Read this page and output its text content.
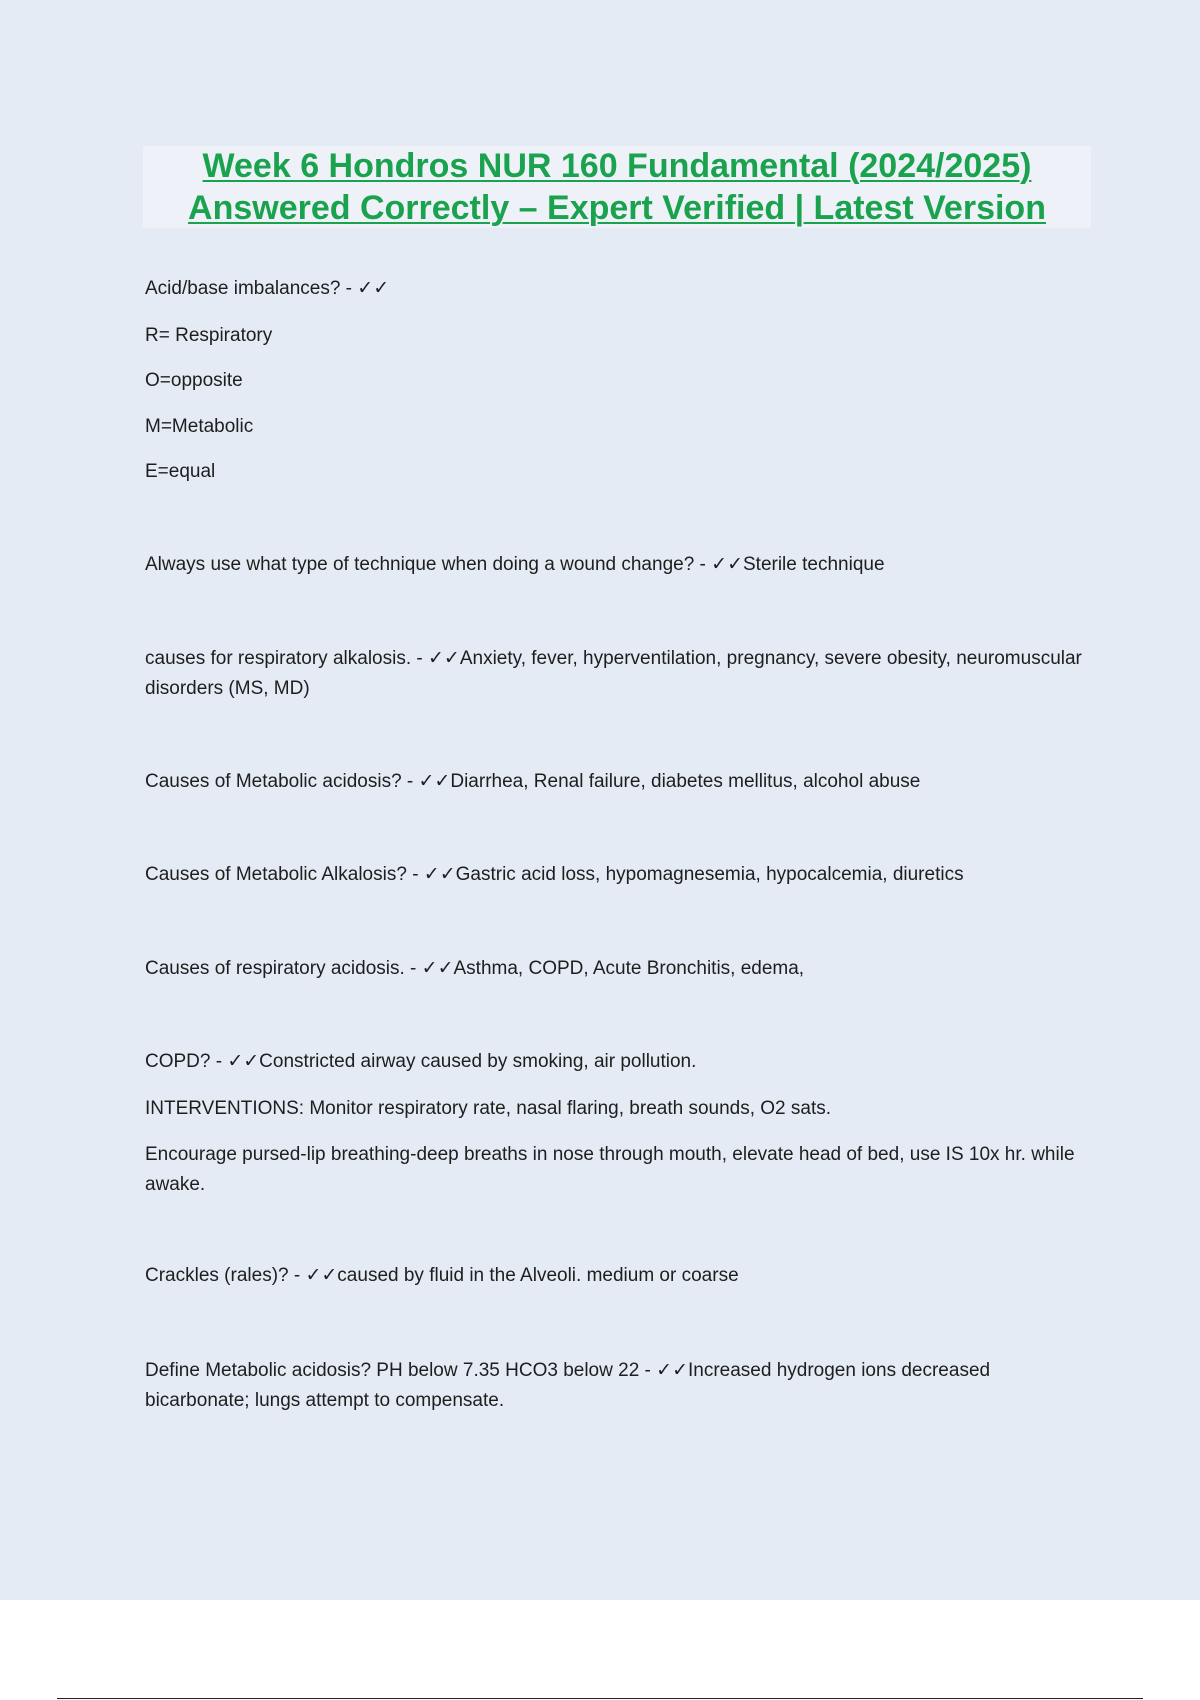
Week 6 Hondros NUR 160 Fundamental (2024/2025)
Answered Correctly – Expert Verified | Latest Version
Acid/base imbalances? - ✓✓
R= Respiratory
O=opposite
M=Metabolic
E=equal
Always use what type of technique when doing a wound change? - ✓✓Sterile technique
causes for respiratory alkalosis. - ✓✓Anxiety, fever, hyperventilation, pregnancy, severe obesity, neuromuscular disorders (MS, MD)
Causes of Metabolic acidosis? - ✓✓Diarrhea, Renal failure, diabetes mellitus, alcohol abuse
Causes of Metabolic Alkalosis? - ✓✓Gastric acid loss, hypomagnesemia, hypocalcemia, diuretics
Causes of respiratory acidosis. - ✓✓Asthma, COPD, Acute Bronchitis, edema,
COPD? - ✓✓Constricted airway caused by smoking, air pollution.
INTERVENTIONS: Monitor respiratory rate, nasal flaring, breath sounds, O2 sats.
Encourage pursed-lip breathing-deep breaths in nose through mouth, elevate head of bed, use IS 10x hr. while awake.
Crackles (rales)? - ✓✓caused by fluid in the Alveoli. medium or coarse
Define Metabolic acidosis? PH below 7.35 HCO3 below 22 - ✓✓Increased hydrogen ions decreased bicarbonate; lungs attempt to compensate.
